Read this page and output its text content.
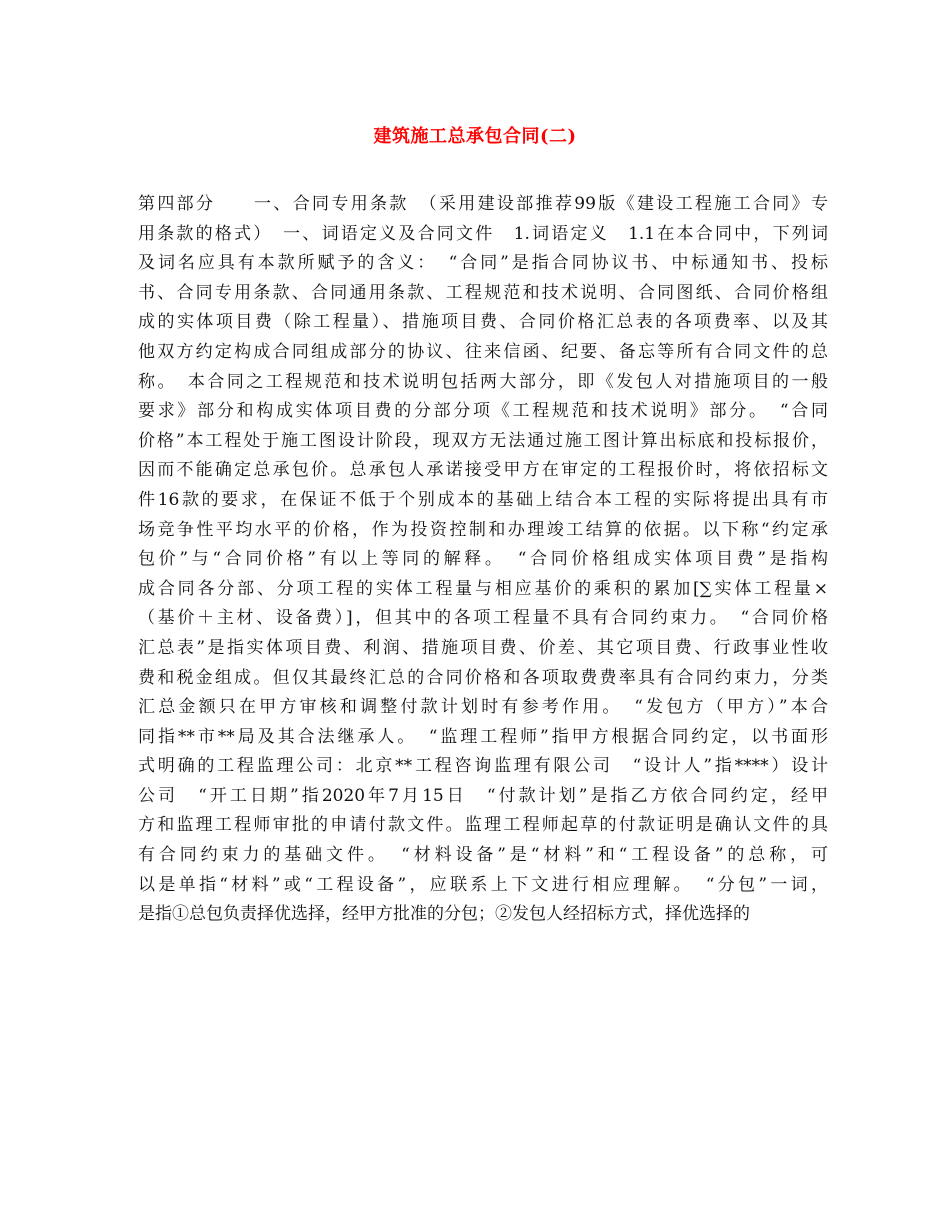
建筑施工总承包合同(二)
第四部分　　一、合同专用条款　（采用建设部推荐99版《建设工程施工合同》专
用条款的格式）　一、词语定义及合同文件　1.词语定义　1.1在本合同中，下列词
及词名应具有本款所赋予的含义：　“合同”是指合同协议书、中标通知书、投标
书、合同专用条款、合同通用条款、工程规范和技术说明、合同图纸、合同价格组
成的实体项目费（除工程量）、措施项目费、合同价格汇总表的各项费率、以及其
他双方约定构成合同组成部分的协议、往来信函、纪要、备忘等所有合同文件的总
称。　本合同之工程规范和技术说明包括两大部分，即《发包人对措施项目的一般
要求》部分和构成实体项目费的分部分项《工程规范和技术说明》部分。　“合同
价格”本工程处于施工图设计阶段，现双方无法通过施工图计算出标底和投标报价，
因而不能确定总承包价。总承包人承诺接受甲方在审定的工程报价时，将依招标文
件16款的要求，在保证不低于个别成本的基础上结合本工程的实际将提出具有市
场竞争性平均水平的价格，作为投资控制和办理竣工结算的依据。以下称“约定承
包价”与“合同价格”有以上等同的解释。　“合同价格组成实体项目费”是指构
成合同各分部、分项工程的实体工程量与相应基价的乘积的累加[∑实体工程量×
（基价＋主材、设备费）]，但其中的各项工程量不具有合同约束力。　“合同价格
汇总表”是指实体项目费、利润、措施项目费、价差、其它项目费、行政事业性收
费和税金组成。但仅其最终汇总的合同价格和各项取费费率具有合同约束力，分类
汇总金额只在甲方审核和调整付款计划时有参考作用。　“发包方（甲方）”本合
同指**市**局及其合法继承人。　“监理工程师”指甲方根据合同约定，以书面形
式明确的工程监理公司：北京**工程咨询监理有限公司　“设计人”指****）设计
公司　“开工日期”指2020年7月15日　“付款计划”是指乙方依合同约定，经甲
方和监理工程师审批的申请付款文件。监理工程师起草的付款证明是确认文件的具
有合同约束力的基础文件。　“材料设备”是“材料”和“工程设备”的总称，可
以是单指“材料”或“工程设备”，应联系上下文进行相应理解。　“分包”一词，
是指①总包负责择优选择，经甲方批准的分包；②发包人经招标方式，择优选择的
